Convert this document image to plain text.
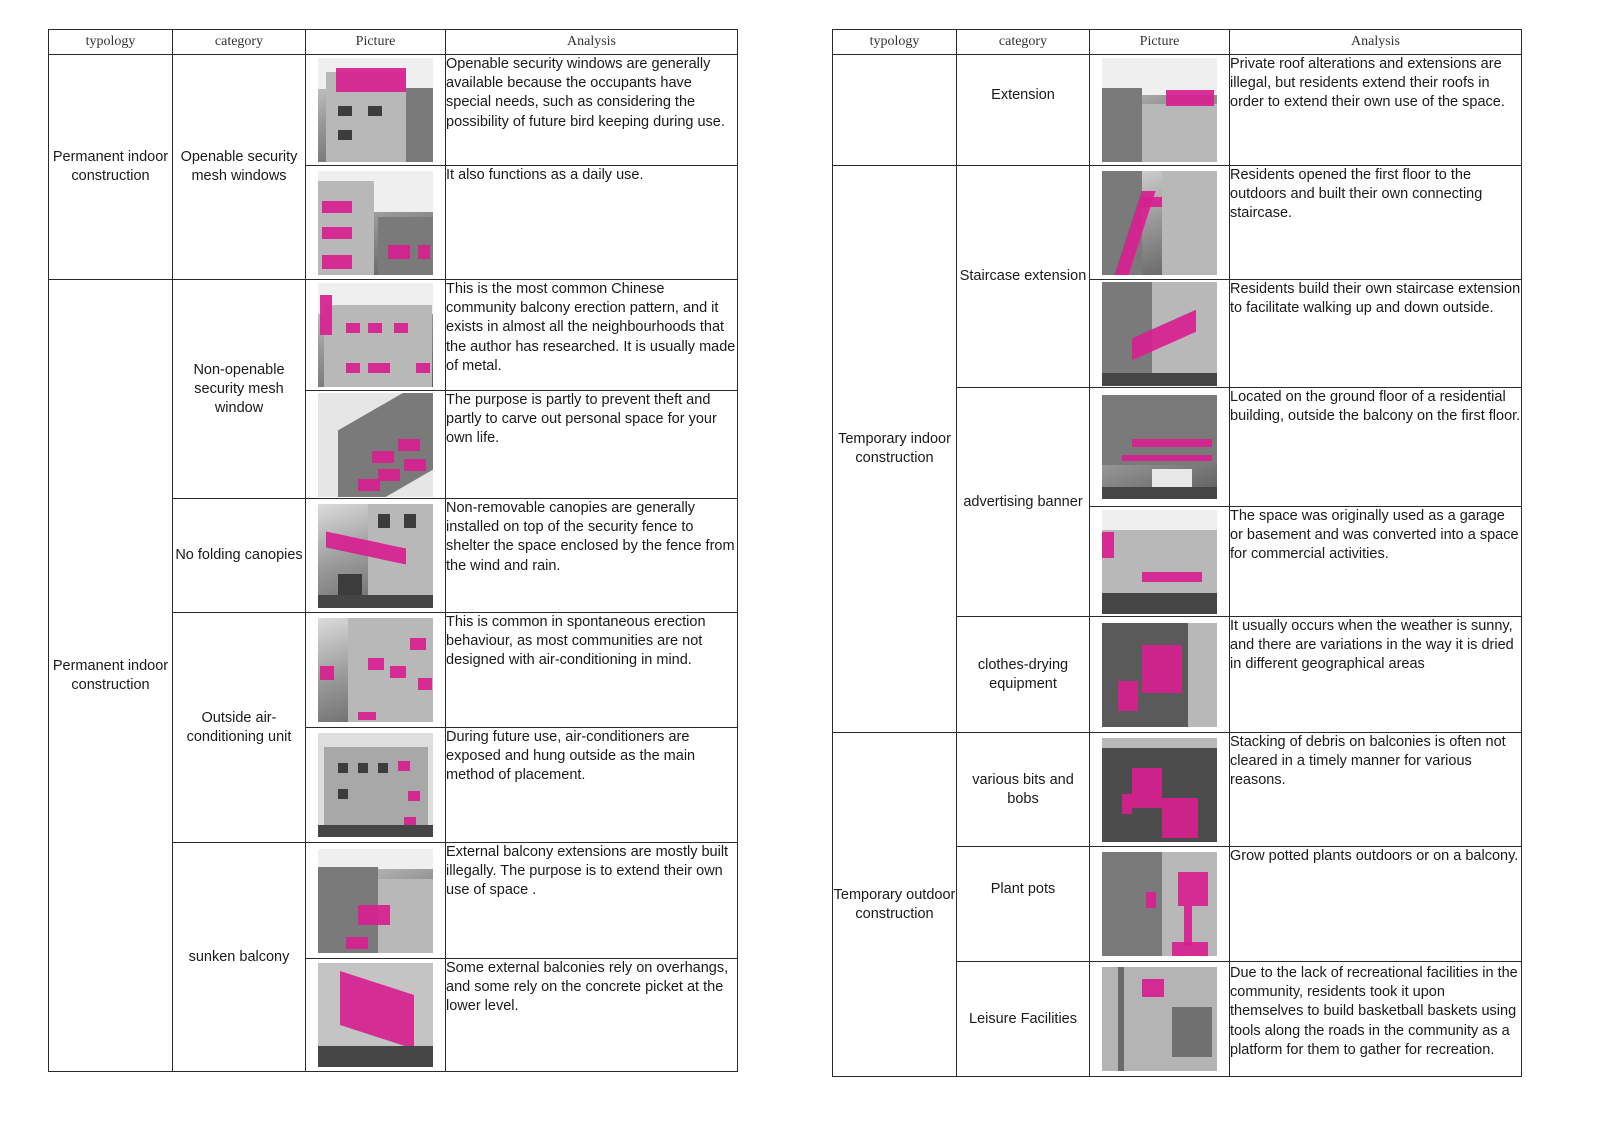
typology	category	Picture	Analysis
Permanent indoor construction	Openable security mesh windows		Openable security windows are generally available because the occupants have special needs, such as considering the possibility of future bird keeping during use.

			It also functions as a daily use.
Permanent indoor construction	Non-openable security mesh window		This is the most common Chinese community balcony erection pattern, and it exists in almost all the neighbourhoods that the author has researched. It is usually made of metal.

			The purpose is partly to prevent theft and partly to carve out personal space for your own life.
	No folding canopies		Non-removable canopies are generally installed on top of the security fence to shelter the space enclosed by the fence from the wind and rain.
	Outside air-conditioning unit		This is common in spontaneous erection behaviour, as most communities are not designed with air-conditioning in mind.

			During future use, air-conditioners are exposed and hung outside as the main method of placement.
	sunken balcony		External balcony extensions are mostly built illegally. The purpose is to extend their own use of space .

			Some external balconies rely on overhangs, and some rely on the concrete picket at the lower level.
typology	category	Picture	Analysis
	Extension		Private roof alterations and extensions are illegal, but residents extend their roofs in order to extend their own use of the space.
Temporary indoor construction	Staircase extension		Residents opened the first floor to the outdoors and built their own connecting staircase.

			Residents build their own staircase extension to facilitate walking up and down outside.
	advertising banner		Located on the ground floor of a residential building, outside the balcony on the first floor.

			The space was originally used as a garage or basement and was converted into a space for commercial activities.
	clothes-drying equipment		It usually occurs when the weather is sunny, and there are variations in the way it is dried in different geographical areas
Temporary outdoor construction	various bits and bobs		Stacking of debris on balconies is often not cleared in a timely manner for various reasons.
	Plant pots		Grow potted plants outdoors or on a balcony.
	Leisure Facilities		Due to the lack of recreational facilities in the community, residents took it upon themselves to build basketball baskets using tools along the roads in the community as a platform for them to gather for recreation.
